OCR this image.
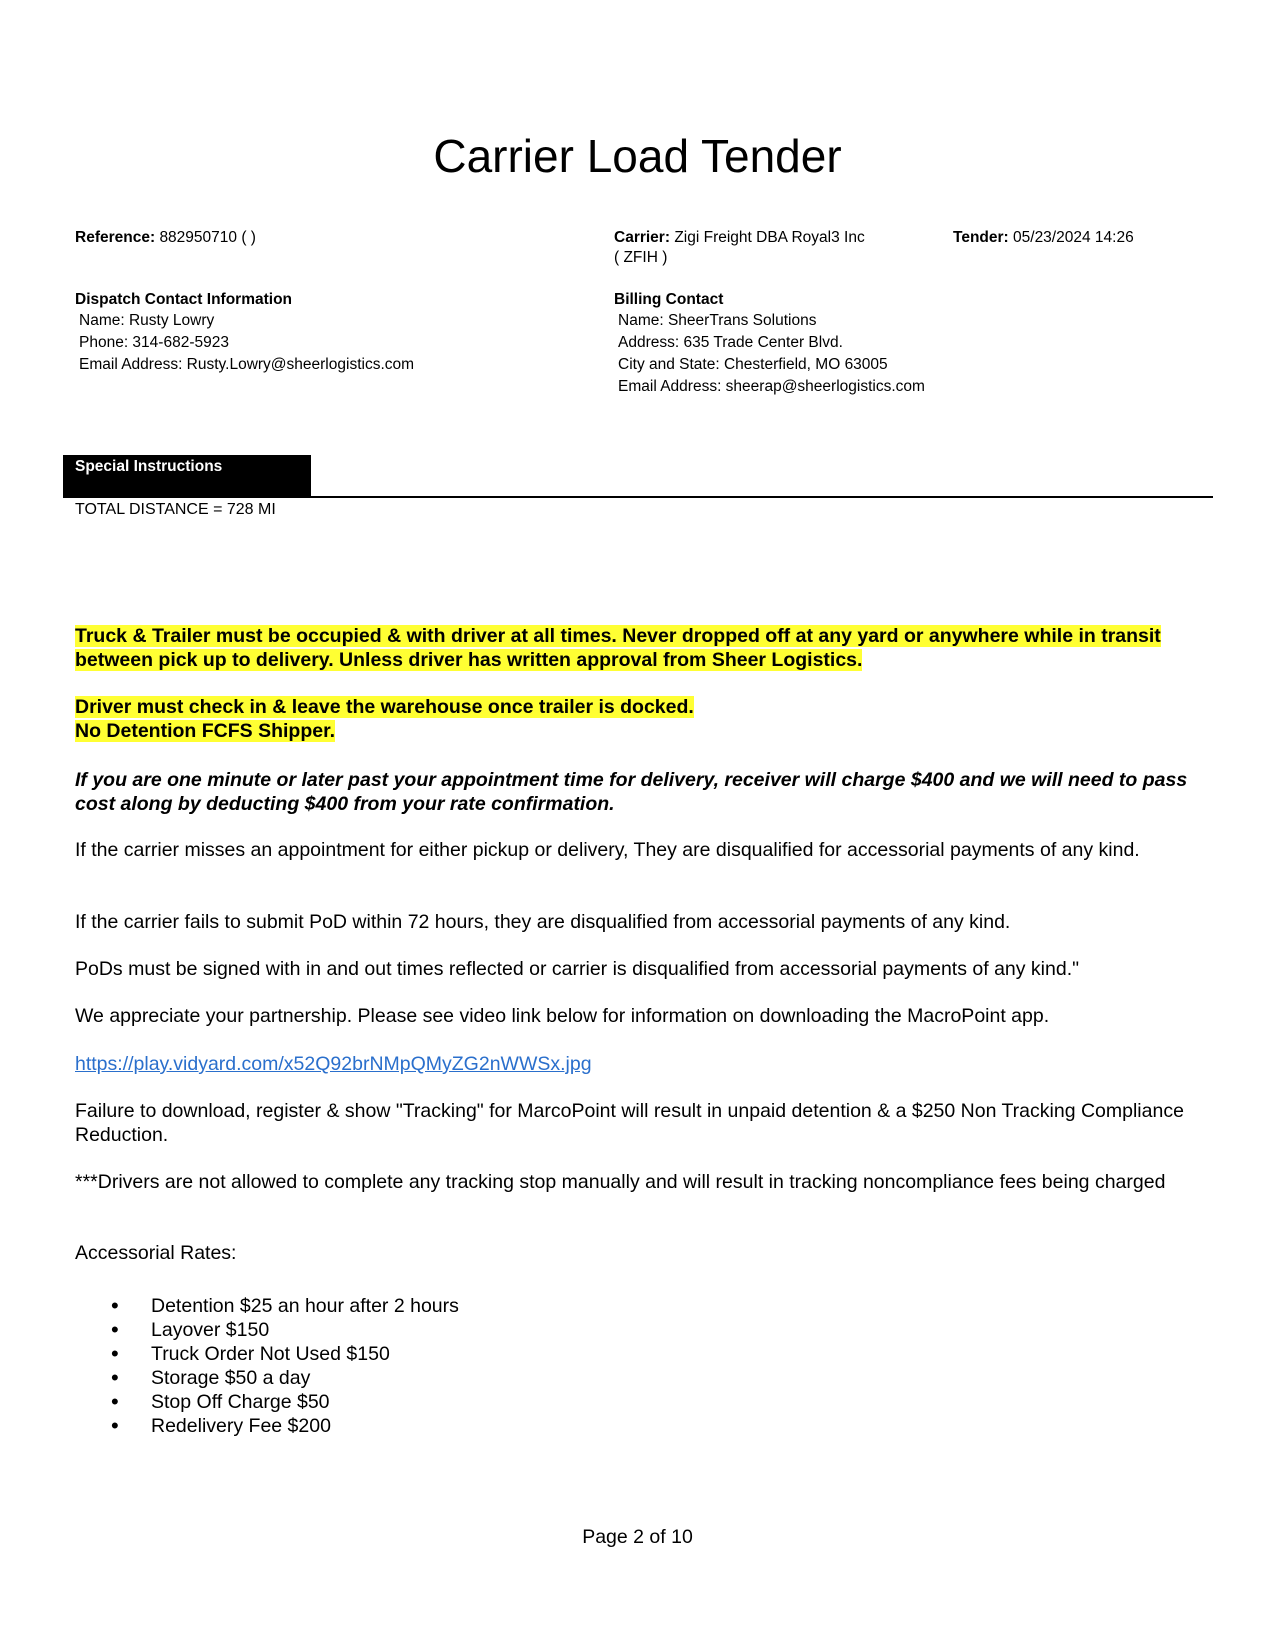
Carrier Load Tender
Reference: 882950710 ( )	Carrier: Zigi Freight DBA Royal3 Inc
( ZFIH )
Tender: 05/23/2024 14:26
Dispatch Contact Information
Name: Rusty Lowry
Phone: 314-682-5923
Email Address: Rusty.Lowry@sheerlogistics.com
Billing Contact
Name: SheerTrans Solutions
Address: 635 Trade Center Blvd.
City and State: Chesterfield, MO 63005
Email Address: sheerap@sheerlogistics.com
Special Instructions
TOTAL DISTANCE = 728 MI
Truck & Trailer must be occupied & with driver at all times. Never dropped off at any yard or anywhere while in transit between pick up to delivery. Unless driver has written approval from Sheer Logistics.
Driver must check in & leave the warehouse once trailer is docked.
No Detention FCFS Shipper.
If you are one minute or later past your appointment time for delivery, receiver will charge $400 and we will need to pass cost along by deducting $400 from your rate confirmation.
If the carrier misses an appointment for either pickup or delivery, They are disqualified for accessorial payments of any kind.
If the carrier fails to submit PoD within 72 hours, they are disqualified from accessorial payments of any kind.
PoDs must be signed with in and out times reflected or carrier is disqualified from accessorial payments of any kind."
We appreciate your partnership. Please see video link below for information on downloading the MacroPoint app.
https://play.vidyard.com/x52Q92brNMpQMyZG2nWWSx.jpg
Failure to download, register & show "Tracking" for MarcoPoint will result in unpaid detention & a $250 Non Tracking Compliance Reduction.
***Drivers are not allowed to complete any tracking stop manually and will result in tracking noncompliance fees being charged
Accessorial Rates:
• Detention $25 an hour after 2 hours
• Layover $150
• Truck Order Not Used $150
• Storage $50 a day
• Stop Off Charge $50
• Redelivery Fee $200
Page 2 of 10
